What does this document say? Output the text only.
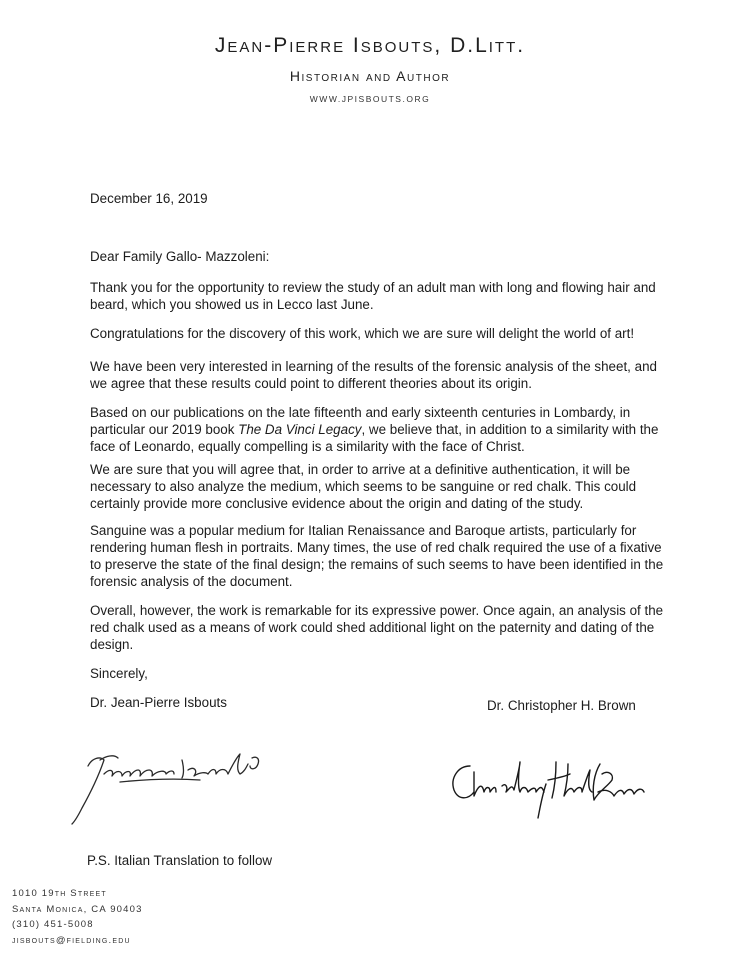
Jean-Pierre Isbouts, D.Litt.
Historian and Author
WWW.JPISBOUTS.ORG
December 16, 2019
Dear Family Gallo- Mazzoleni:

Thank you for the opportunity to review the study of an adult man with long and flowing hair and beard, which you showed us in Lecco last June.

Congratulations for the discovery of this work, which we are sure will delight the world of art!

We have been very interested in learning of the results of the forensic analysis of the sheet, and we agree that these results could point to different theories about its origin.

Based on our publications on the late fifteenth and early sixteenth centuries in Lombardy, in particular our 2019 book The Da Vinci Legacy, we believe that, in addition to a similarity with the face of Leonardo, equally compelling is a similarity with the face of Christ.

We are sure that you will agree that, in order to arrive at a definitive authentication, it will be necessary to also analyze the medium, which seems to be sanguine or red chalk. This could certainly provide more conclusive evidence about the origin and dating of the study.

Sanguine was a popular medium for Italian Renaissance and Baroque artists, particularly for rendering human flesh in portraits. Many times, the use of red chalk required the use of a fixative to preserve the state of the final design; the remains of such seems to have been identified in the forensic analysis of the document.

Overall, however, the work is remarkable for its expressive power. Once again, an analysis of the red chalk used as a means of work could shed additional light on the paternity and dating of the design.

Sincerely,
Dr. Jean-Pierre Isbouts	Dr. Christopher H. Brown
P.S. Italian Translation to follow
1010 19th Street
Santa Monica, CA 90403
(310) 451-5008
jisbouts@fielding.edu
